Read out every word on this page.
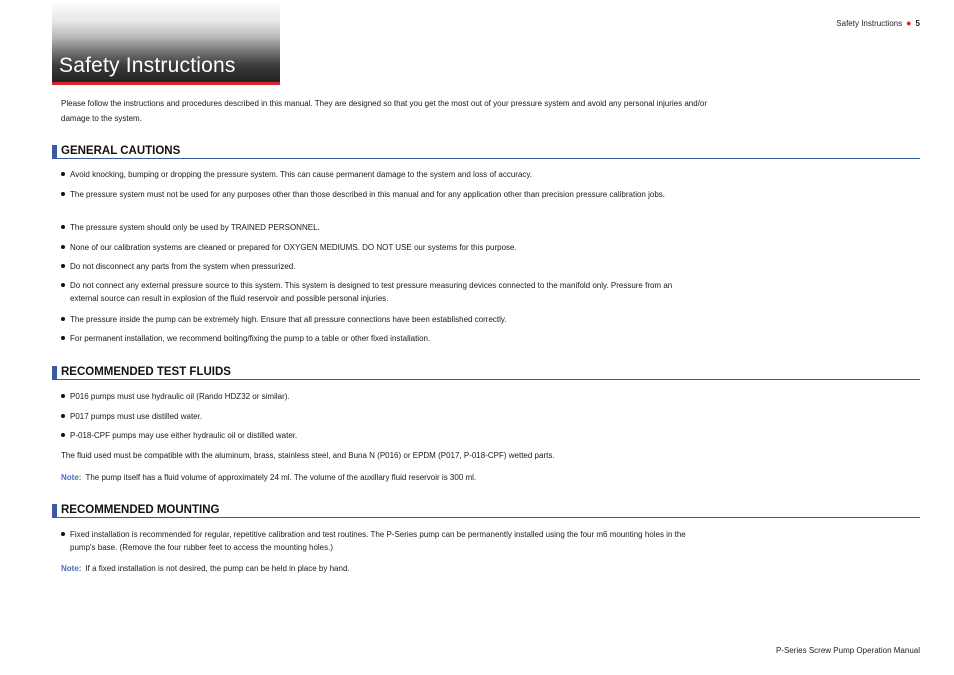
Safety Instructions ● 5
Safety Instructions

Please follow the instructions and procedures described in this manual. They are designed so that you get the most out of your pressure system and avoid any personal injuries and/or damage to the system.

GENERAL CAUTIONS
Avoid knocking, bumping or dropping the pressure system. This can cause permanent damage to the system and loss of accuracy.
The pressure system must not be used for any purposes other than those described in this manual and for any application other than precision pressure calibration jobs.
The pressure system should only be used by TRAINED PERSONNEL.
None of our calibration systems are cleaned or prepared for OXYGEN MEDIUMS. DO NOT USE our systems for this purpose.
Do not disconnect any parts from the system when pressurized.
Do not connect any external pressure source to this system. This system is designed to test pressure measuring devices connected to the manifold only. Pressure from an external source can result in explosion of the fluid reservoir and possible personal injuries.
The pressure inside the pump can be extremely high. Ensure that all pressure connections have been established correctly.
For permanent installation, we recommend bolting/fixing the pump to a table or other fixed installation.
RECOMMENDED TEST FLUIDS
P016 pumps must use hydraulic oil (Rando HDZ32 or similar).
P017 pumps must use distilled water.
P-018-CPF pumps may use either hydraulic oil or distilled water.

The fluid used must be compatible with the aluminum, brass, stainless steel, and Buna N (P016) or EPDM (P017, P-018-CPF) wetted parts.

Note: The pump itself has a fluid volume of approximately 24 ml. The volume of the auxillary fluid reservoir is 300 ml.

RECOMMENDED MOUNTING
Fixed installation is recommended for regular, repetitive calibration and test routines. The P-Series pump can be permanently installed using the four m6 mounting holes in the pump's base. (Remove the four rubber feet to access the mounting holes.)

Note: If a fixed installation is not desired, the pump can be held in place by hand.

P-Series Screw Pump Operation Manual
